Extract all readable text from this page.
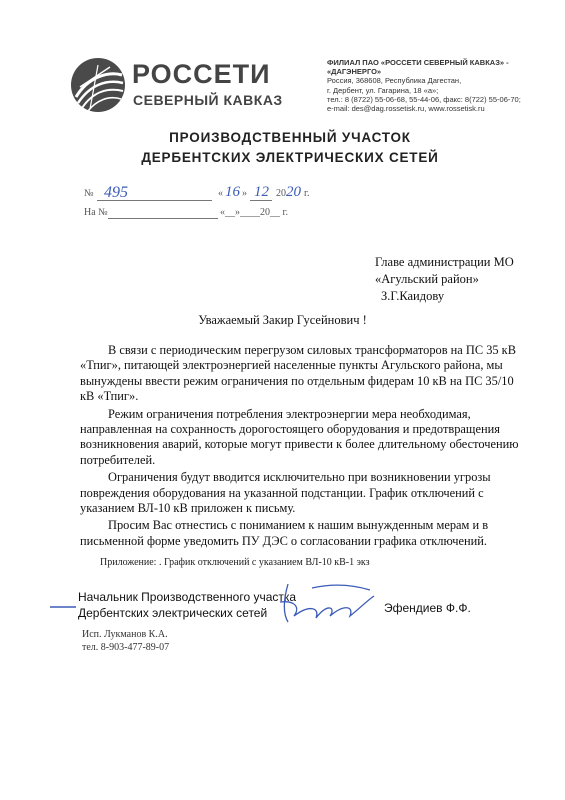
РОССЕТИ
СЕВЕРНЫЙ КАВКАЗ
ФИЛИАЛ ПАО «РОССЕТИ СЕВЕРНЫЙ КАВКАЗ» -
«ДАГЭНЕРГО»
Россия, 368608, Республика Дагестан,
г. Дербент, ул. Гагарина, 18 «а»;
тел.: 8 (8722) 55-06-68, 55-44-06, факс: 8(722) 55-06-70;
e-mail: des@dag.rossetisk.ru, www.rossetisk.ru
ПРОИЗВОДСТВЕННЫЙ УЧАСТОК
ДЕРБЕНТСКИХ ЭЛЕКТРИЧЕСКИХ СЕТЕЙ
№ 495	« 16 » 12 20 20 г.
На №	«__»____20__ г.
Главе администрации МО
«Агульский район»
З.Г.Каидову
Уважаемый Закир Гусейнович !

В связи с периодическим перегрузом силовых трансформаторов на ПС 35 кВ «Тпиг», питающей электроэнергией населенные пункты Агульского района, мы вынуждены ввести режим ограничения по отдельным фидерам 10 кВ на ПС 35/10 кВ «Тпиг».

Режим ограничения потребления электроэнергии мера необходимая, направленная на сохранность дорогостоящего оборудования и предотвращения возникновения аварий, которые могут привести к более длительному обесточению потребителей.

Ограничения будут вводится исключительно при возникновении угрозы повреждения оборудования на указанной подстанции. График отключений с указанием ВЛ-10 кВ приложен к письму.

Просим Вас отнестись с пониманием к нашим вынужденным мерам и в письменной форме уведомить ПУ ДЭС о согласовании графика отключений.

Приложение: . График отключений с указанием ВЛ-10 кВ-1 экз
Начальник Производственного участка
Дербентских электрических сетей	Эфендиев Ф.Ф.
Исп. Лукманов К.А.
тел. 8-903-477-89-07
